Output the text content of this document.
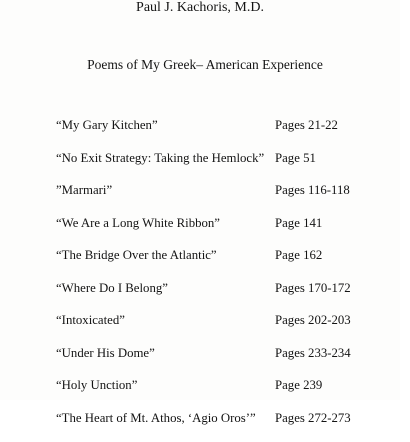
Paul J. Kachoris, M.D.
Poems of My Greek– American Experience
“My Gary Kitchen”	Pages 21-22
“No Exit Strategy: Taking the Hemlock” Page 51
”Marmari”	Pages 116-118
“We Are a Long White Ribbon”	Page 141
“The Bridge Over the Atlantic”	Page 162
“Where Do I Belong”	Pages 170-172
“Intoxicated”	Pages 202-203
“Under His Dome”	Pages 233-234
“Holy Unction”	Page 239
“The Heart of Mt. Athos, ‘Agio Oros’” Pages 272-273
